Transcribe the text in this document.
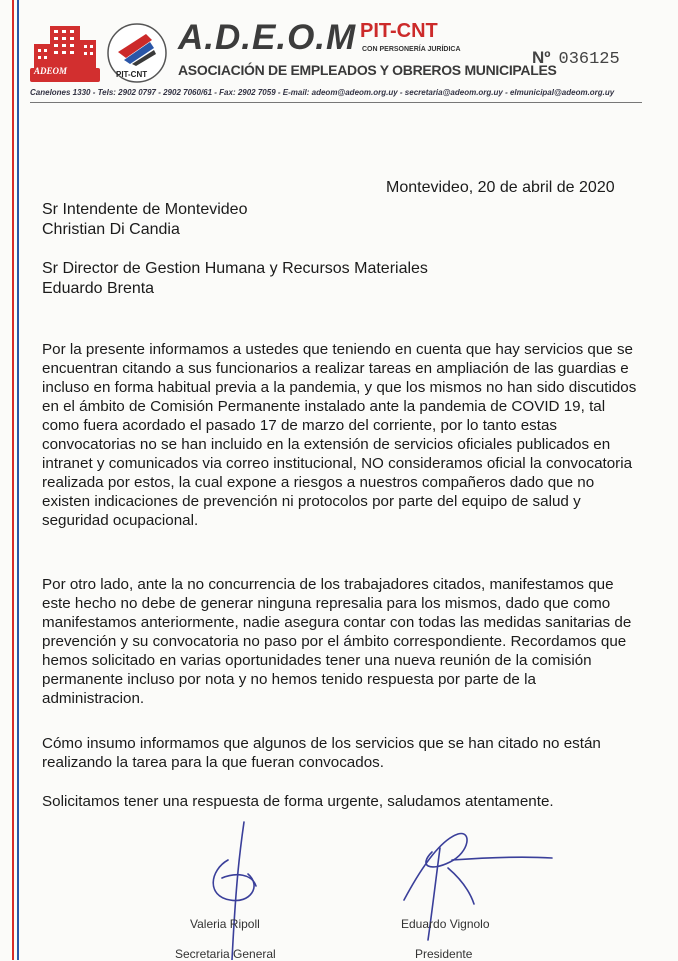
ADEOM	PIT-CNT
A.D.E.O.M PIT-CNT
CON PERSONERÍA JURÍDICA
ASOCIACIÓN DE EMPLEADOS Y OBREROS MUNICIPALES
Nº 036125
Canelones 1330 - Tels: 2902 0797 - 2902 7060/61 - Fax: 2902 7059 - E-mail: adeom@adeom.org.uy - secretaria@adeom.org.uy - elmunicipal@adeom.org.uy
Montevideo, 20 de abril de 2020
Sr Intendente de Montevideo
Christian Di Candia
Sr Director de Gestion Humana y Recursos Materiales
Eduardo Brenta
Por la presente informamos a ustedes que teniendo en cuenta que hay servicios que se encuentran citando a sus funcionarios a realizar tareas en ampliación de las guardias e incluso en forma habitual previa a la pandemia, y que los mismos no han sido discutidos en el ámbito de Comisión Permanente instalado ante la pandemia de COVID 19, tal como fuera acordado el pasado 17 de marzo del corriente, por lo tanto estas convocatorias no se han incluido en la extensión de servicios oficiales publicados en intranet y comunicados via correo institucional, NO consideramos oficial la convocatoria realizada por estos, la cual expone a riesgos a nuestros compañeros dado que no existen indicaciones de prevención ni protocolos por parte del equipo de salud y seguridad ocupacional.
Por otro lado, ante la no concurrencia de los trabajadores citados, manifestamos que este hecho no debe de generar ninguna represalia para los mismos, dado que como manifestamos anteriormente, nadie asegura contar con todas las medidas sanitarias de prevención y su convocatoria no paso por el ámbito correspondiente. Recordamos que hemos solicitado en varias oportunidades tener una nueva reunión de la comisión permanente incluso por nota y no hemos tenido respuesta por parte de la administracion.
Cómo insumo informamos que algunos de los servicios que se han citado no están realizando la tarea para la que fueran convocados.
Solicitamos tener una respuesta de forma urgente, saludamos atentamente.
Valeria Ripoll
Secretaria General
Eduardo Vignolo
Presidente
